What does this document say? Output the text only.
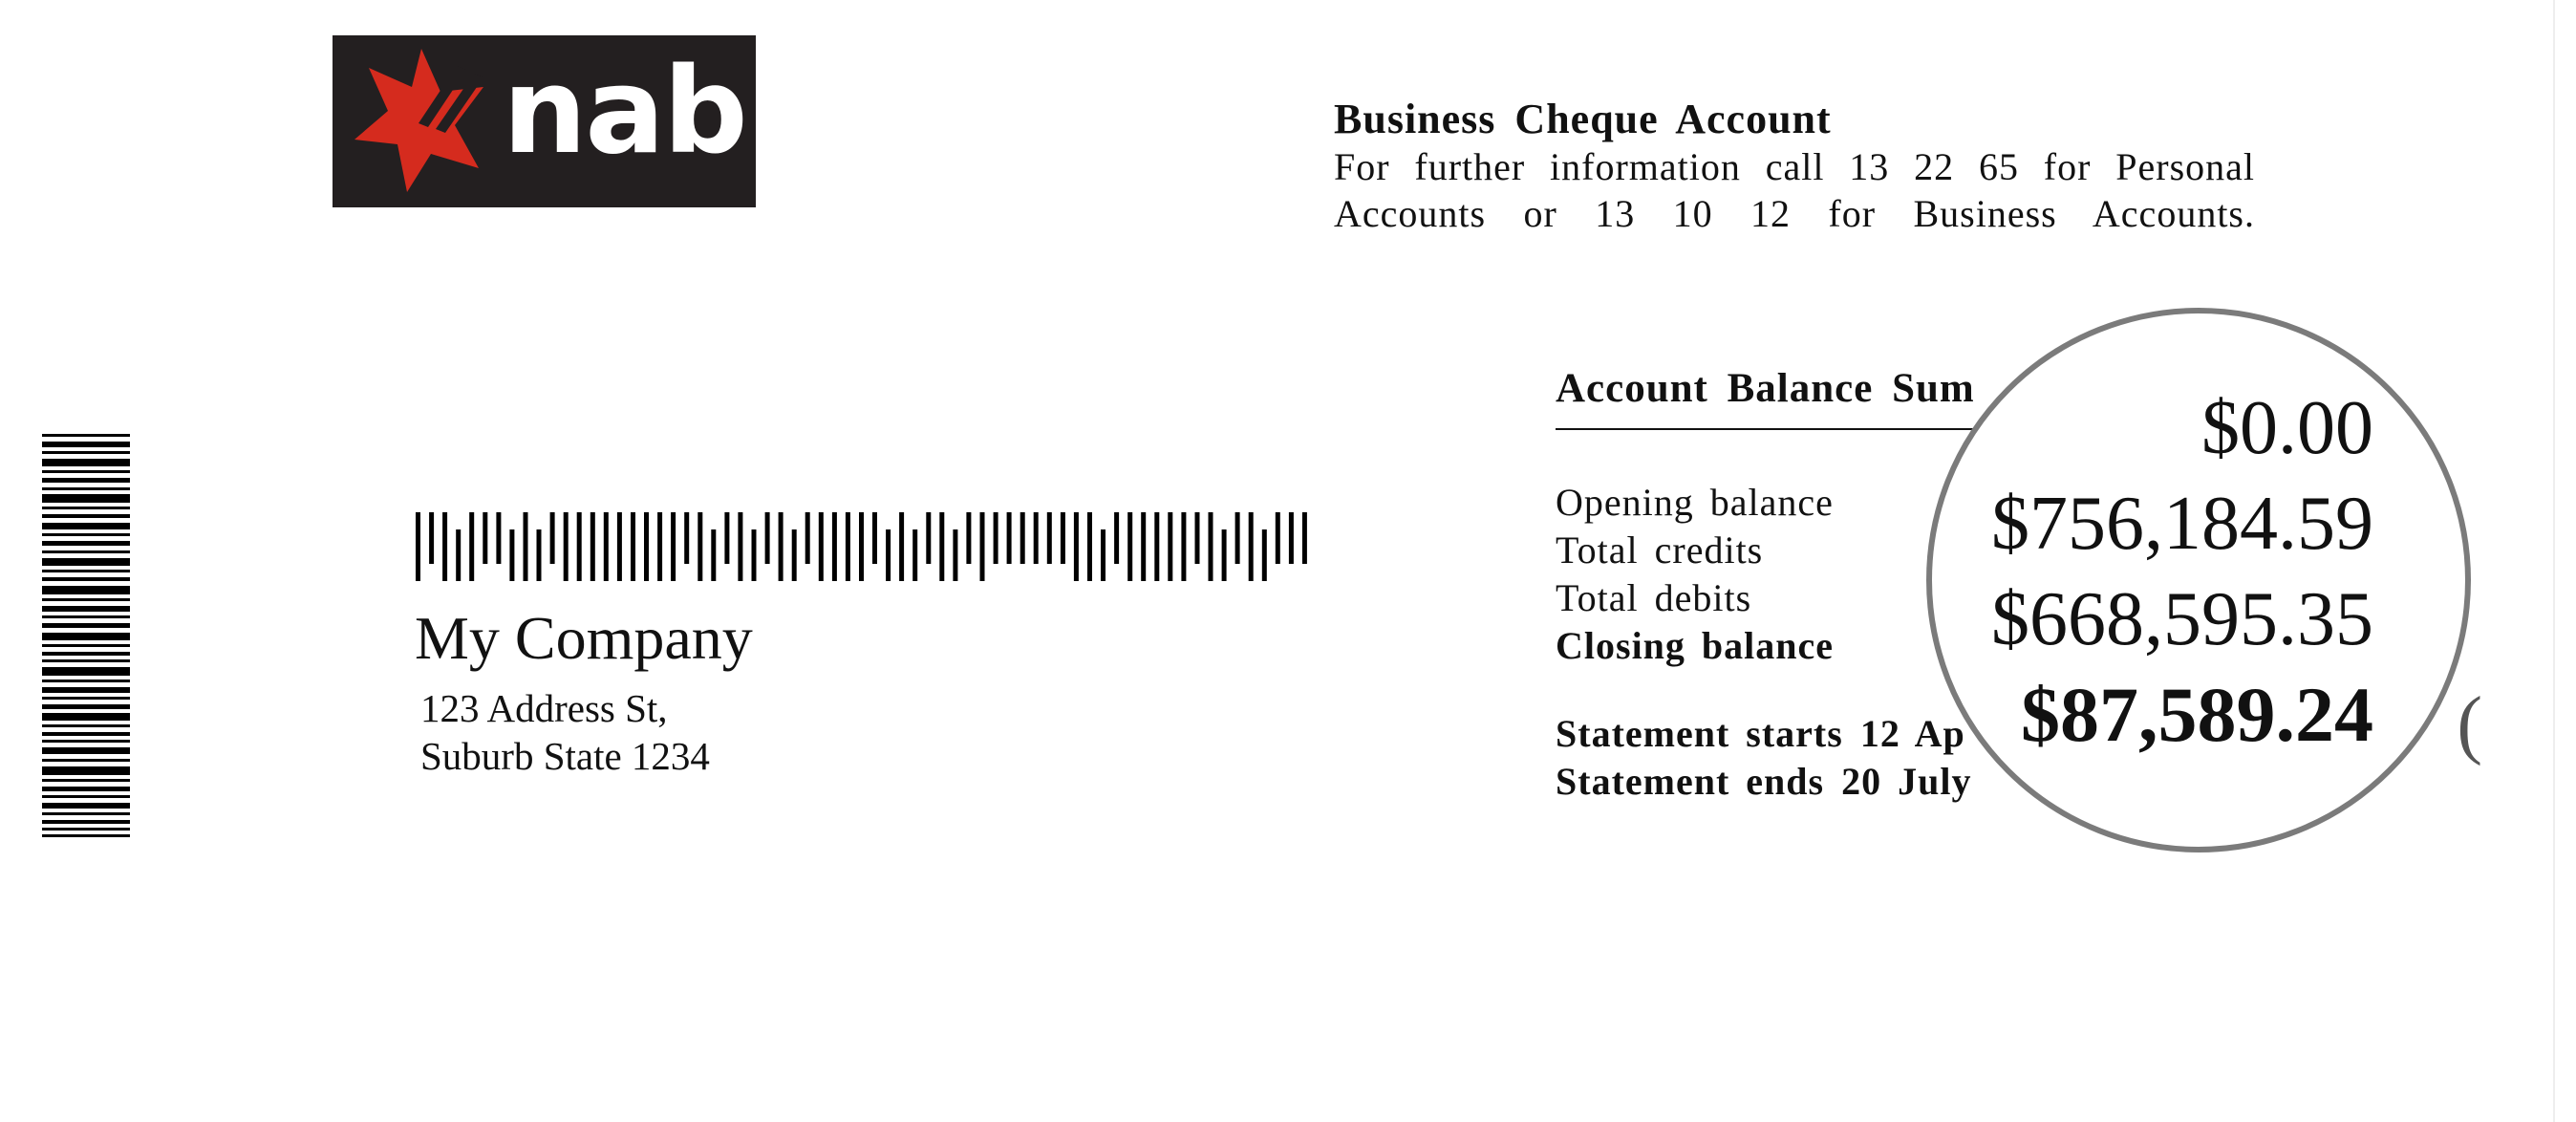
nab
My Company
123 Address St,
Suburb State 1234
Business Cheque Account
For further information call 13 22 65 for Personal Accounts or 13 10 12 for Business Accounts.
Account Balance Sum
Opening balance
Total credits
Total debits
Closing balance
Statement starts 12 Ap
Statement ends 20 July
$0.00
$756,184.59
$668,595.35
$87,589.24 (
